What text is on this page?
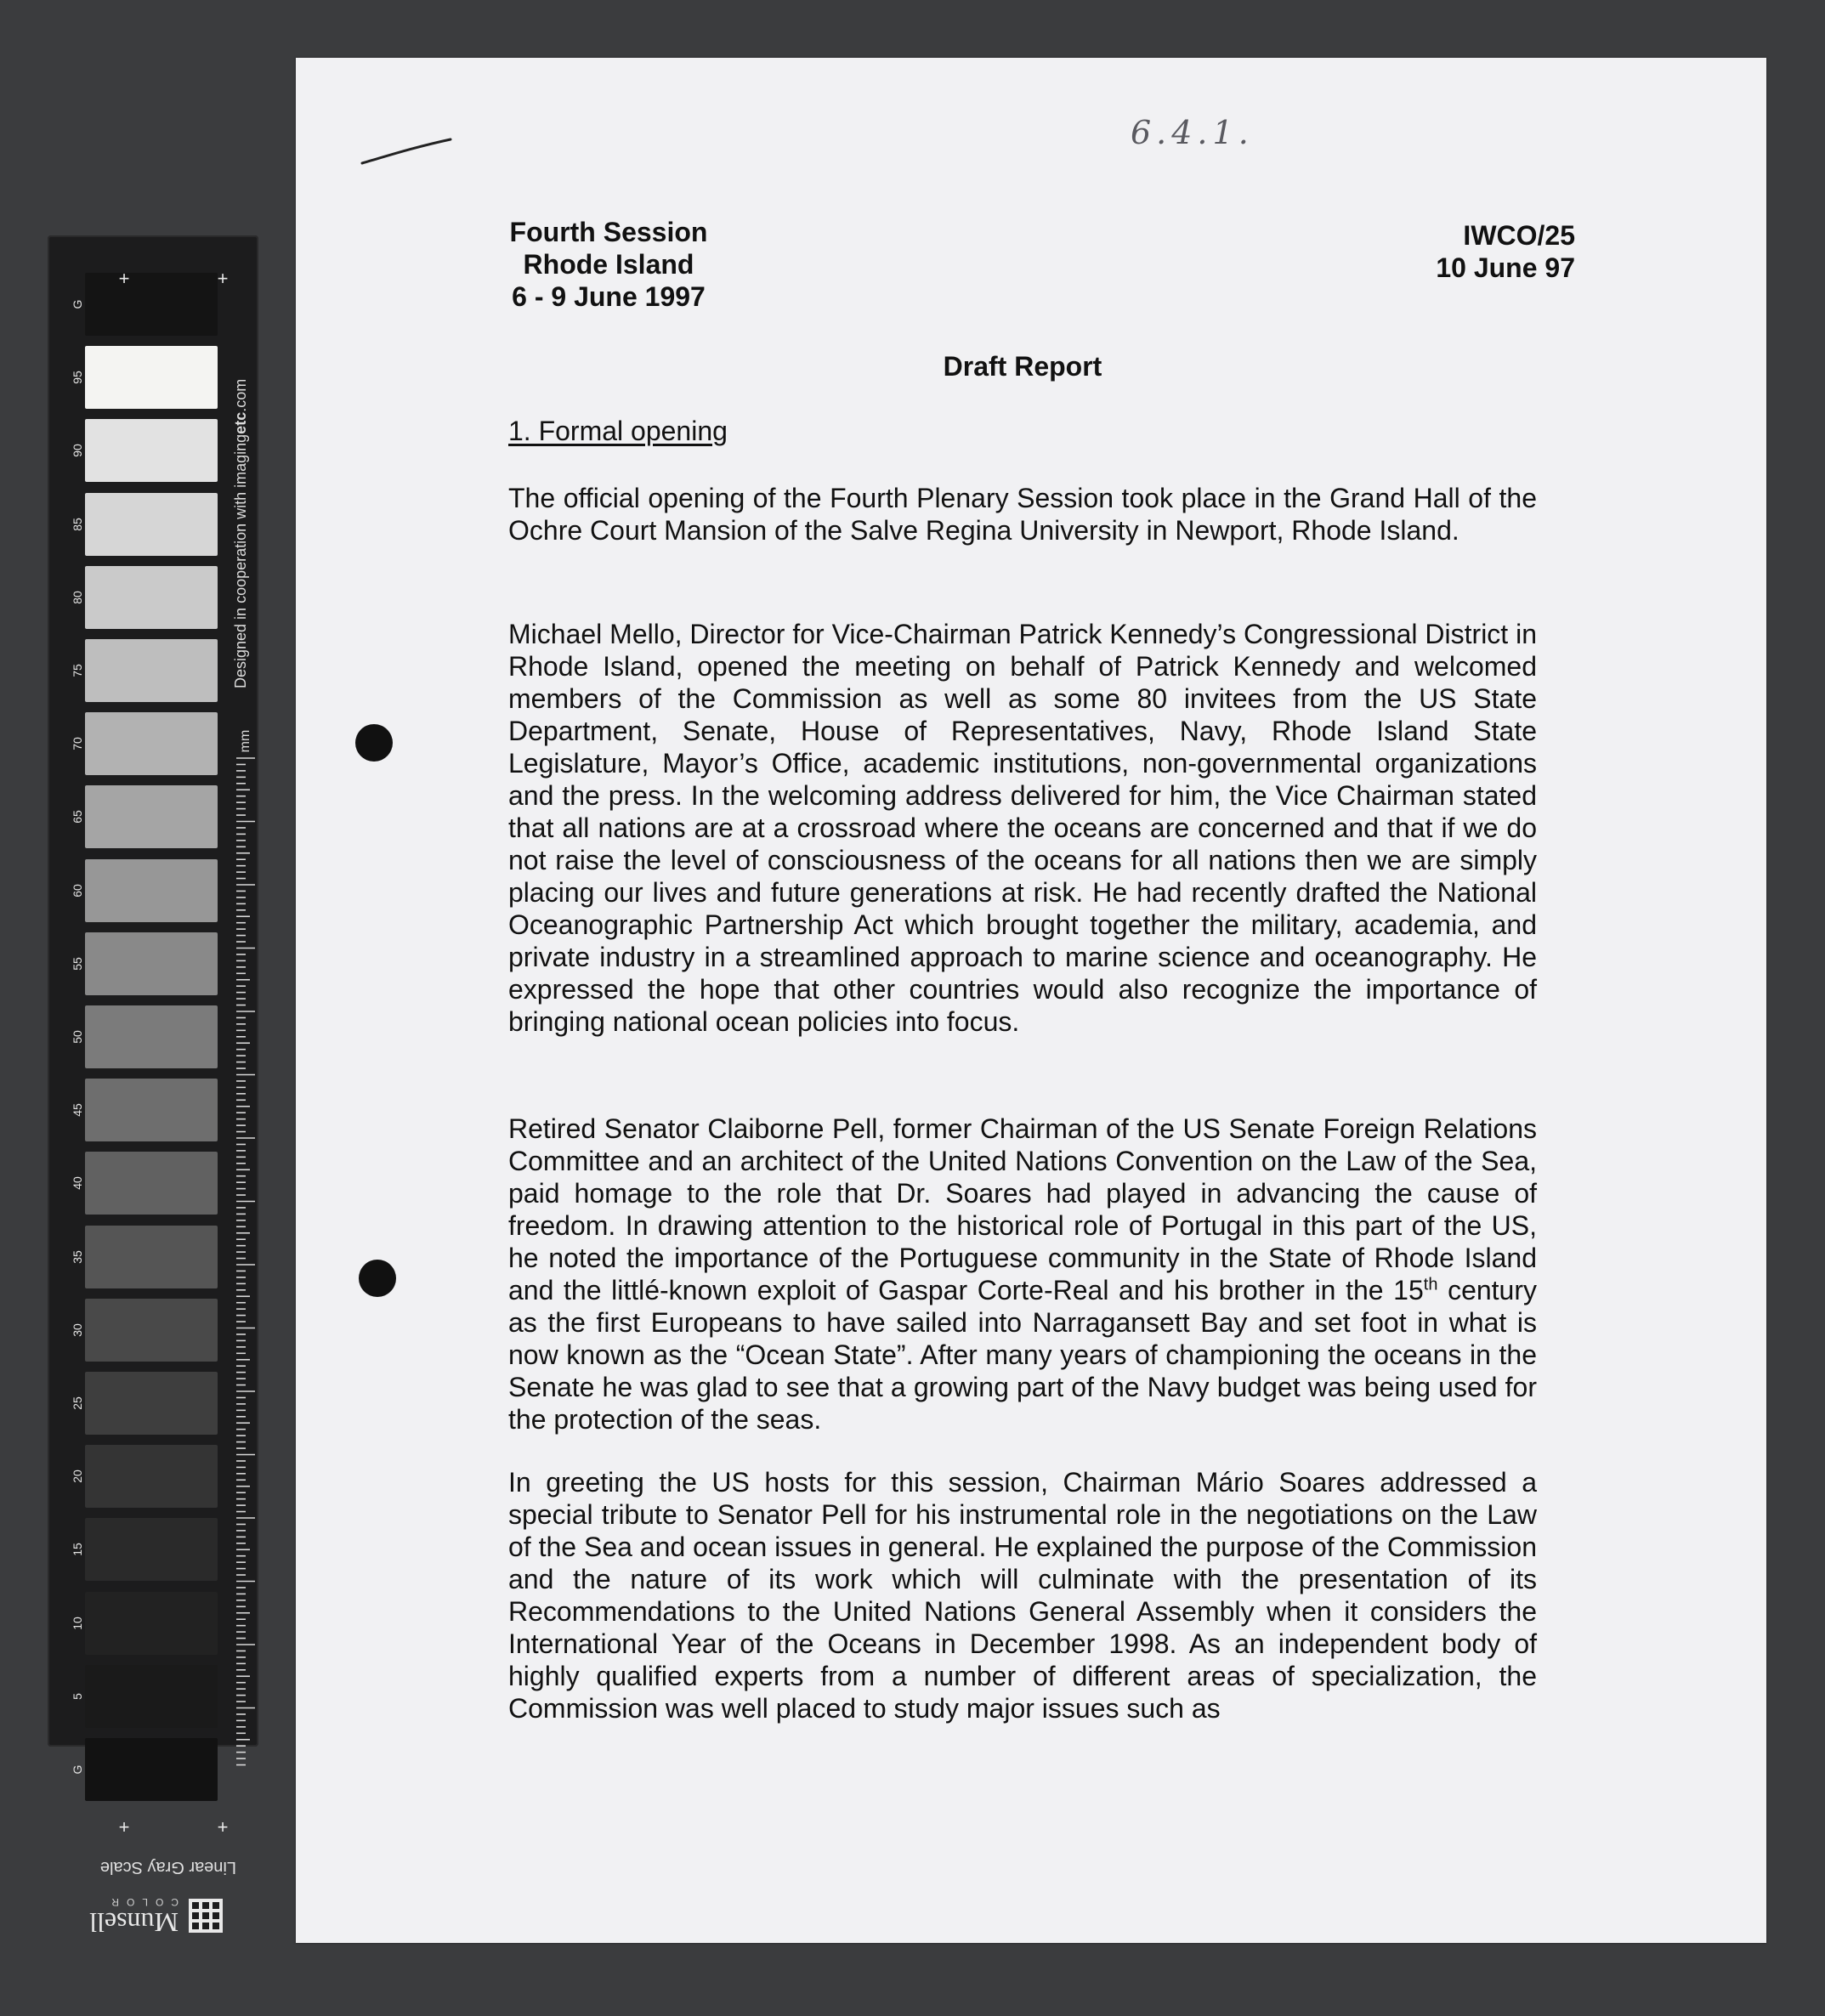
G
95
90
85
80
75
70
65
60
55
50
45
40
35
30
25
20
15
10
5
G
+	+
+	+
Designed in cooperation with imagingetc.com
mm
Linear Gray Scale
Munsell
COLOR
6.4.1.
Fourth Session
Rhode Island
6 - 9 June 1997
IWCO/25
10 June 97
Draft Report
1. Formal opening

The official opening of the Fourth Plenary Session took place in the Grand Hall of the Ochre Court Mansion of the Salve Regina University in Newport, Rhode Island.

Michael Mello, Director for Vice-Chairman Patrick Kennedy’s Congressional District in Rhode Island, opened the meeting on behalf of Patrick Kennedy and welcomed members of the Commission as well as some 80 invitees from the US State Department, Senate, House of Representatives, Navy, Rhode Island State Legislature, Mayor’s Office, academic institutions, non-governmental organizations and the press. In the welcoming address delivered for him, the Vice Chairman stated that all nations are at a crossroad where the oceans are concerned and that if we do not raise the level of consciousness of the oceans for all nations then we are simply placing our lives and future generations at risk. He had recently drafted the National Oceanographic Partnership Act which brought together the military, academia, and private industry in a streamlined approach to marine science and oceanography. He expressed the hope that other countries would also recognize the importance of bringing national ocean policies into focus.

Retired Senator Claiborne Pell, former Chairman of the US Senate Foreign Relations Committee and an architect of the United Nations Convention on the Law of the Sea, paid homage to the role that Dr. Soares had played in advancing the cause of freedom. In drawing attention to the historical role of Portugal in this part of the US, he noted the importance of the Portuguese community in the State of Rhode Island and the littlé-known exploit of Gaspar Corte-Real and his brother in the 15th century as the first Europeans to have sailed into Narragansett Bay and set foot in what is now known as the “Ocean State”. After many years of championing the oceans in the Senate he was glad to see that a growing part of the Navy budget was being used for the protection of the seas.

In greeting the US hosts for this session, Chairman Mário Soares addressed a special tribute to Senator Pell for his instrumental role in the negotiations on the Law of the Sea and ocean issues in general. He explained the purpose of the Commission and the nature of its work which will culminate with the presentation of its Recommendations to the United Nations General Assembly when it considers the International Year of the Oceans in December 1998. As an independent body of highly qualified experts from a number of different areas of specialization, the Commission was well placed to study major issues such as
